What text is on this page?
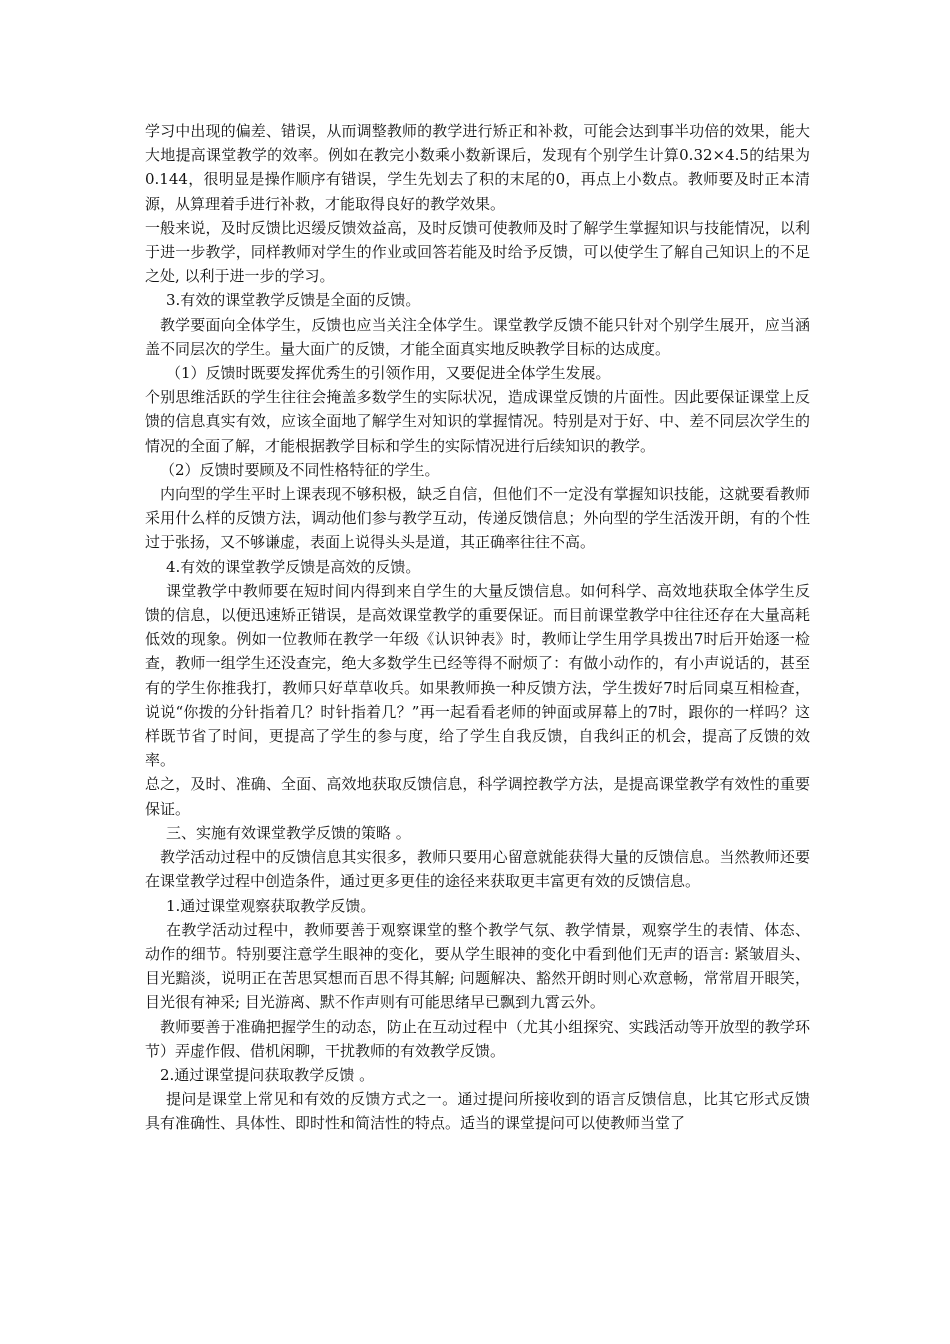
学习中出现的偏差、错误，从而调整教师的教学进行矫正和补救，可能会达到事半功倍的效果，能大大地提高课堂教学的效率。例如在教完小数乘小数新课后，发现有个别学生计算0.32×4.5的结果为0.144，很明显是操作顺序有错误，学生先划去了积的末尾的0，再点上小数点。教师要及时正本清源，从算理着手进行补救，才能取得良好的教学效果。

一般来说，及时反馈比迟缓反馈效益高，及时反馈可使教师及时了解学生掌握知识与技能情况，以利于进一步教学，同样教师对学生的作业或回答若能及时给予反馈，可以使学生了解自己知识上的不足之处, 以利于进一步的学习。

3.有效的课堂教学反馈是全面的反馈。

教学要面向全体学生，反馈也应当关注全体学生。课堂教学反馈不能只针对个别学生展开，应当涵盖不同层次的学生。量大面广的反馈，才能全面真实地反映教学目标的达成度。

（1）反馈时既要发挥优秀生的引领作用，又要促进全体学生发展。

个别思维活跃的学生往往会掩盖多数学生的实际状况，造成课堂反馈的片面性。因此要保证课堂上反馈的信息真实有效，应该全面地了解学生对知识的掌握情况。特别是对于好、中、差不同层次学生的情况的全面了解，才能根据教学目标和学生的实际情况进行后续知识的教学。

（2）反馈时要顾及不同性格特征的学生。

内向型的学生平时上课表现不够积极，缺乏自信，但他们不一定没有掌握知识技能，这就要看教师采用什么样的反馈方法，调动他们参与教学互动，传递反馈信息；外向型的学生活泼开朗，有的个性过于张扬，又不够谦虚，表面上说得头头是道，其正确率往往不高。

4.有效的课堂教学反馈是高效的反馈。

课堂教学中教师要在短时间内得到来自学生的大量反馈信息。如何科学、高效地获取全体学生反馈的信息，以便迅速矫正错误，是高效课堂教学的重要保证。而目前课堂教学中往往还存在大量高耗低效的现象。例如一位教师在教学一年级《认识钟表》时，教师让学生用学具拨出7时后开始逐一检查，教师一组学生还没查完，绝大多数学生已经等得不耐烦了：有做小动作的，有小声说话的，甚至有的学生你推我打，教师只好草草收兵。如果教师换一种反馈方法，学生拨好7时后同桌互相检查，说说“你拨的分针指着几？时针指着几？”再一起看看老师的钟面或屏幕上的7时，跟你的一样吗？这样既节省了时间，更提高了学生的参与度，给了学生自我反馈，自我纠正的机会，提高了反馈的效率。

总之，及时、准确、全面、高效地获取反馈信息，科学调控教学方法，是提高课堂教学有效性的重要保证。

三、实施有效课堂教学反馈的策略 。

教学活动过程中的反馈信息其实很多，教师只要用心留意就能获得大量的反馈信息。当然教师还要在课堂教学过程中创造条件，通过更多更佳的途径来获取更丰富更有效的反馈信息。

1.通过课堂观察获取教学反馈。

在教学活动过程中，教师要善于观察课堂的整个教学气氛、教学情景，观察学生的表情、体态、动作的细节。特别要注意学生眼神的变化，要从学生眼神的变化中看到他们无声的语言: 紧皱眉头、目光黯淡，说明正在苦思冥想而百思不得其解; 问题解决、豁然开朗时则心欢意畅，常常眉开眼笑，目光很有神采; 目光游离、默不作声则有可能思绪早已飘到九霄云外。

教师要善于准确把握学生的动态，防止在互动过程中（尤其小组探究、实践活动等开放型的教学环节）弄虚作假、借机闲聊，干扰教师的有效教学反馈。

2.通过课堂提问获取教学反馈 。

提问是课堂上常见和有效的反馈方式之一。通过提问所接收到的语言反馈信息，比其它形式反馈具有准确性、具体性、即时性和简洁性的特点。适当的课堂提问可以使教师当堂了
